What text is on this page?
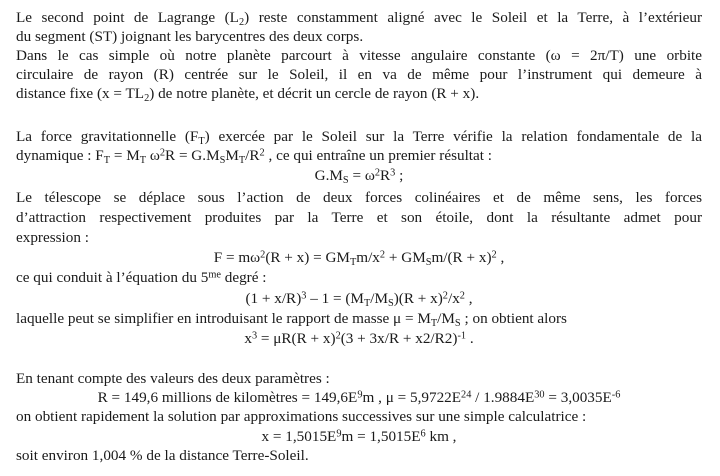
Le second point de Lagrange $(L_2)$ reste constamment aligné avec le Soleil et la Terre, à l’extérieur
du segment (ST) joignant les barycentres des deux corps.
Dans le cas simple où notre planète parcourt à vitesse angulaire constante (ω = 2π/T) une orbite
circulaire de rayon (R) centrée sur le Soleil, il en va de même pour l’instrument qui demeure à
distance fixe $(x = TL_2)$ de notre planète, et décrit un cercle de rayon (R + x).
La force gravitationnelle $(F_T)$ exercée par le Soleil sur la Terre vérifie la relation fondamentale de la
dynamique : $F_T = M_T$ $\omega^2R = G.M_SM_T/R^2$ , ce qui entraîne un premier résultat :
$G.M_S = \omega^2R^3$ ;
Le télescope se déplace sous l’action de deux forces colinéaires et de même sens, les forces
d’attraction respectivement produites par la Terre et son étoile, dont la résultante admet pour
expression :
$F = m\omega^2(R + x) = GM_Tm/x^2 + GM_Sm/(R + x)^2$ ,
ce qui conduit à l’équation du $5^{me}$ degré :
$(1 + x/R)^3 - 1 = (M_T/M_S)(R + x)^2/x^2$ ,
laquelle peut se simplifier en introduisant le rapport de masse $\mu = M_T/M_S$ ; on obtient alors
$x^3 = \mu R(R + x)^2(3 + 3x/R + x2/R2)^{-1}$ .
En tenant compte des valeurs des deux paramètres :
R = 149,6 millions de kilomètres = $149,6E^9m$ , $\mu = 5,9722E^{24} / 1.9884E^{30} = 3,0035E^{-6}$
on obtient rapidement la solution par approximations successives sur une simple calculatrice :
$x = 1,5015E^9m = 1,5015E^6$ km ,
soit environ 1,004 % de la distance Terre-Soleil.
